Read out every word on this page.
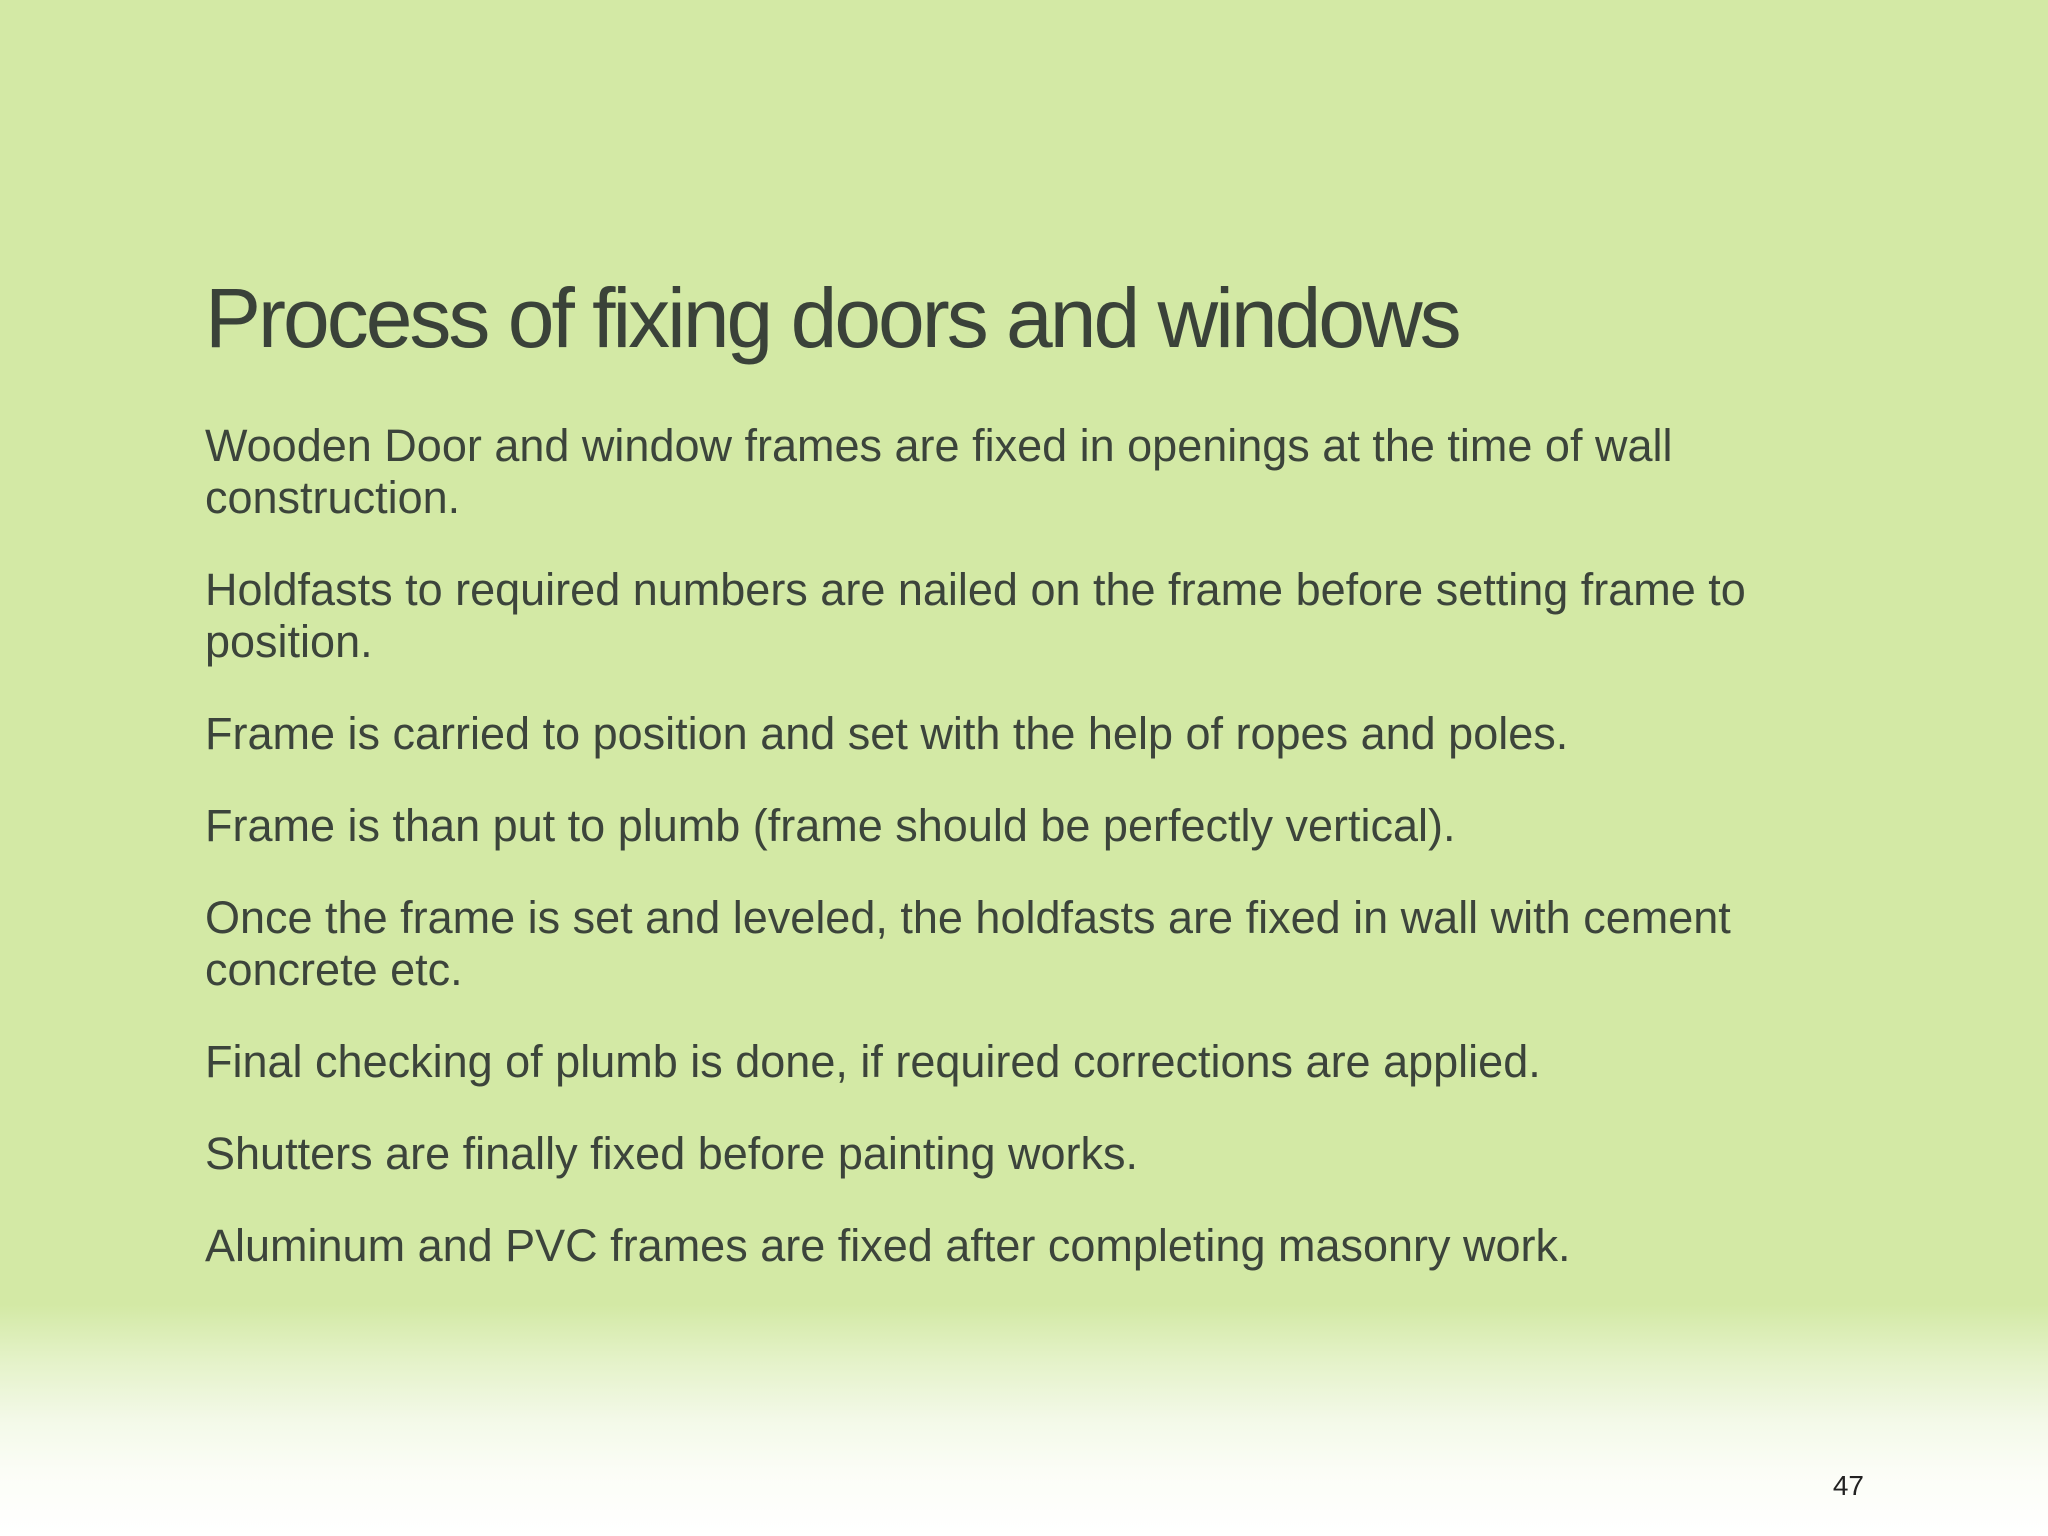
Process of fixing doors and windows
Wooden Door and window frames are fixed in openings at the time of wall construction.
Holdfasts to required numbers are nailed on the frame before setting frame to position.
Frame is carried to position and set with the help of ropes and poles.
Frame is than put to plumb (frame should be perfectly vertical).
Once the frame is set and leveled, the holdfasts are fixed in wall with cement concrete etc.
Final checking of plumb is done, if required corrections are applied.
Shutters are finally fixed before painting works.
Aluminum and PVC frames are fixed after completing masonry work.
47
